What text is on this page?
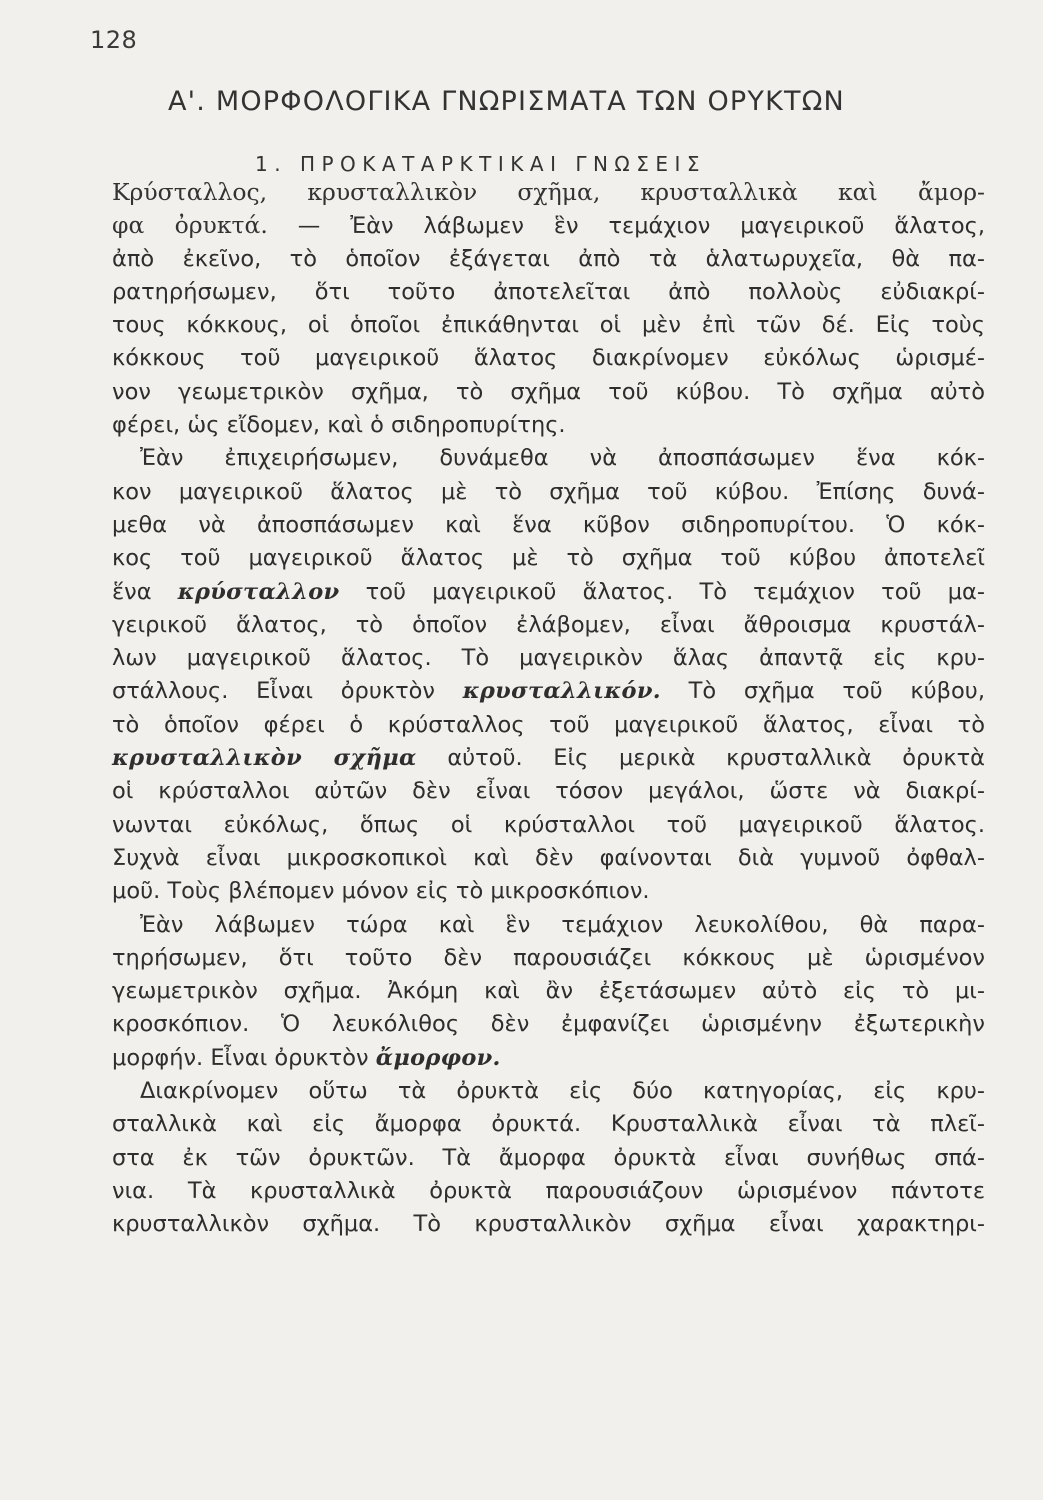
128
Α'. ΜΟΡΦΟΛΟΓΙΚΑ ΓΝΩΡΙΣΜΑΤΑ ΤΩΝ ΟΡΥΚΤΩΝ
1. ΠΡΟΚΑΤΑΡΚΤΙΚΑΙ ΓΝΩΣΕΙΣ
Κρύσταλλος, κρυσταλλικὸν σχῆμα, κρυσταλλικὰ καὶ ἄμορ-
φα ὀρυκτά. — Ἐὰν λάβωμεν ἓν τεμάχιον μαγειρικοῦ ἅλατος,
ἀπὸ ἐκεῖνο, τὸ ὁποῖον ἐξάγεται ἀπὸ τὰ ἁλατωρυχεῖα, θὰ πα-
ρατηρήσωμεν, ὅτι τοῦτο ἀποτελεῖται ἀπὸ πολλοὺς εὐδιακρί-
τους κόκκους, οἱ ὁποῖοι ἐπικάθηνται οἱ μὲν ἐπὶ τῶν δέ. Εἰς τοὺς
κόκκους τοῦ μαγειρικοῦ ἅλατος διακρίνομεν εὐκόλως ὡρισμέ-
νον γεωμετρικὸν σχῆμα, τὸ σχῆμα τοῦ κύβου. Τὸ σχῆμα αὐτὸ
φέρει, ὡς εἴδομεν, καὶ ὁ σιδηροπυρίτης.
Ἐὰν ἐπιχειρήσωμεν, δυνάμεθα νὰ ἀποσπάσωμεν ἕνα κόκ-
κον μαγειρικοῦ ἅλατος μὲ τὸ σχῆμα τοῦ κύβου. Ἐπίσης δυνά-
μεθα νὰ ἀποσπάσωμεν καὶ ἕνα κῦβον σιδηροπυρίτου. Ὁ κόκ-
κος τοῦ μαγειρικοῦ ἅλατος μὲ τὸ σχῆμα τοῦ κύβου ἀποτελεῖ
ἕνα κρύσταλλον τοῦ μαγειρικοῦ ἅλατος. Τὸ τεμάχιον τοῦ μα-
γειρικοῦ ἅλατος, τὸ ὁποῖον ἐλάβομεν, εἶναι ἄθροισμα κρυστάλ-
λων μαγειρικοῦ ἅλατος. Τὸ μαγειρικὸν ἅλας ἀπαντᾷ εἰς κρυ-
στάλλους. Εἶναι ὀρυκτὸν κρυσταλλικόν. Τὸ σχῆμα τοῦ κύβου,
τὸ ὁποῖον φέρει ὁ κρύσταλλος τοῦ μαγειρικοῦ ἅλατος, εἶναι τὸ
κρυσταλλικὸν σχῆμα αὐτοῦ. Εἰς μερικὰ κρυσταλλικὰ ὀρυκτὰ
οἱ κρύσταλλοι αὐτῶν δὲν εἶναι τόσον μεγάλοι, ὥστε νὰ διακρί-
νωνται εὐκόλως, ὅπως οἱ κρύσταλλοι τοῦ μαγειρικοῦ ἅλατος.
Συχνὰ εἶναι μικροσκοπικοὶ καὶ δὲν φαίνονται διὰ γυμνοῦ ὀφθαλ-
μοῦ. Τοὺς βλέπομεν μόνον εἰς τὸ μικροσκόπιον.
Ἐὰν λάβωμεν τώρα καὶ ἓν τεμάχιον λευκολίθου, θὰ παρα-
τηρήσωμεν, ὅτι τοῦτο δὲν παρουσιάζει κόκκους μὲ ὡρισμένον
γεωμετρικὸν σχῆμα. Ἀκόμη καὶ ἂν ἐξετάσωμεν αὐτὸ εἰς τὸ μι-
κροσκόπιον. Ὁ λευκόλιθος δὲν ἐμφανίζει ὡρισμένην ἐξωτερικὴν
μορφήν. Εἶναι ὀρυκτὸν ἄμορφον.
Διακρίνομεν οὕτω τὰ ὀρυκτὰ εἰς δύο κατηγορίας, εἰς κρυ-
σταλλικὰ καὶ εἰς ἄμορφα ὀρυκτά. Κρυσταλλικὰ εἶναι τὰ πλεῖ-
στα ἐκ τῶν ὀρυκτῶν. Τὰ ἄμορφα ὀρυκτὰ εἶναι συνήθως σπά-
νια. Τὰ κρυσταλλικὰ ὀρυκτὰ παρουσιάζουν ὡρισμένον πάντοτε
κρυσταλλικὸν σχῆμα. Τὸ κρυσταλλικὸν σχῆμα εἶναι χαρακτηρι-
